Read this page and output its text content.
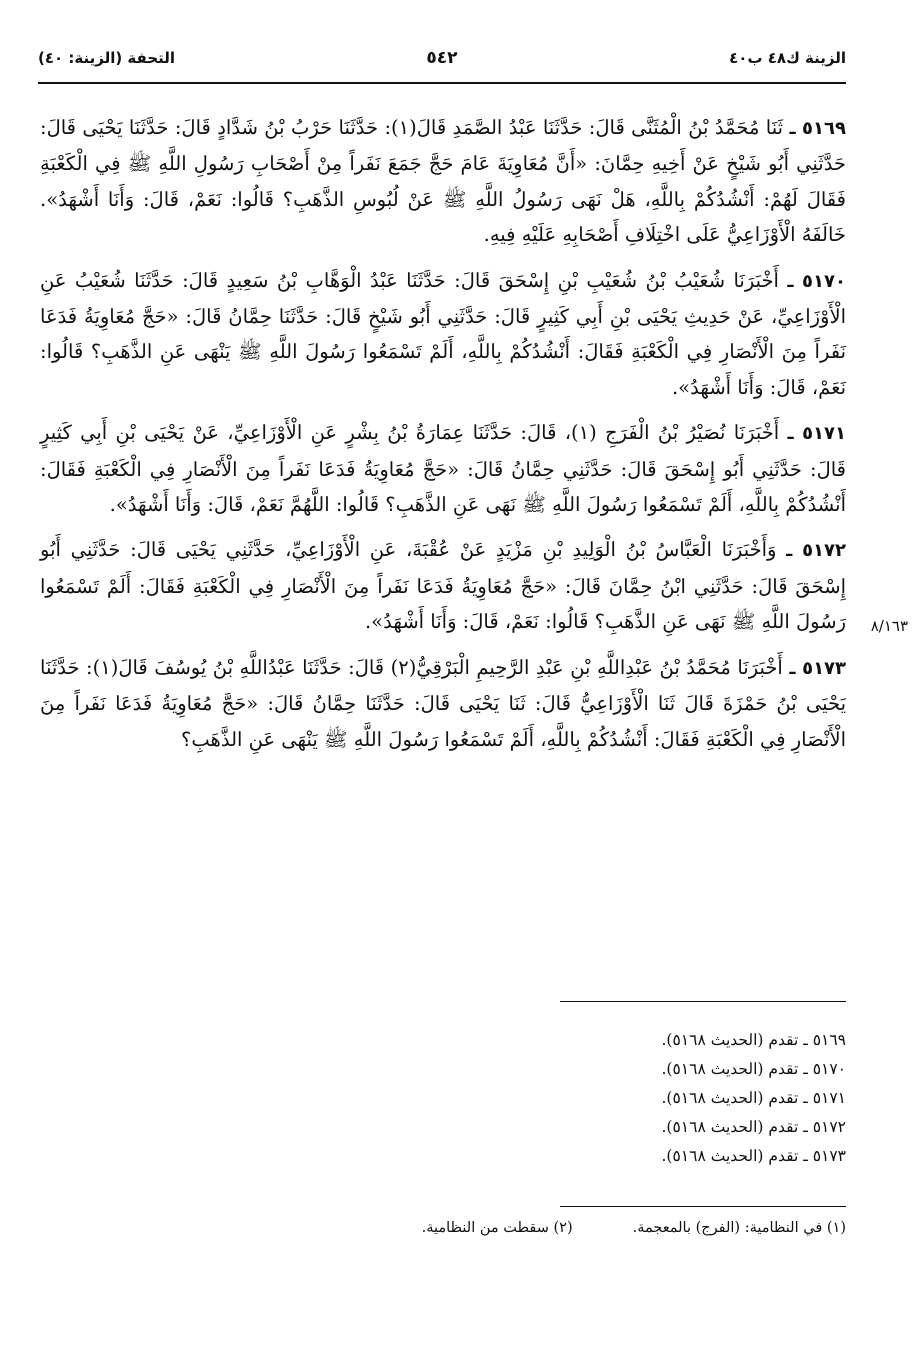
الزينة ك٤٨ ب٤٠
٥٤٢
التحفة (الزينة: ٤٠)
٨/١٦٣

٥١٦٩ ـ ثَنَا مُحَمَّدُ بْنُ الْمُثَنَّى قَالَ: حَدَّثَنَا عَبْدُ الصَّمَدِ قَالَ(١): حَدَّثَنَا حَرْبُ بْنُ شَدَّادٍ قَالَ: حَدَّثَنَا يَحْيَى قَالَ: حَدَّثَنِي أَبُو شَيْخٍ عَنْ أَخِيهِ حِمَّانَ: «أَنَّ مُعَاوِيَةَ عَامَ حَجَّ جَمَعَ نَفَراً مِنْ أَصْحَابِ رَسُولِ اللَّهِ ﷺ فِي الْكَعْبَةِ فَقَالَ لَهُمْ: أَنْشُدُكُمْ بِاللَّهِ، هَلْ نَهَى رَسُولُ اللَّهِ ﷺ عَنْ لُبُوسِ الذَّهَبِ؟ قَالُوا: نَعَمْ، قَالَ: وَأَنَا أَشْهَدُ». خَالَفَهُ الْأَوْزَاعِيُّ عَلَى اخْتِلَافِ أَصْحَابِهِ عَلَيْهِ فِيهِ.

٥١٧٠ ـ أَخْبَرَنَا شُعَيْبُ بْنُ شُعَيْبِ بْنِ إِسْحَقَ قَالَ: حَدَّثَنَا عَبْدُ الْوَهَّابِ بْنُ سَعِيدٍ قَالَ: حَدَّثَنَا شُعَيْبُ عَنِ الْأَوْزَاعِيِّ، عَنْ حَدِيثِ يَحْيَى بْنِ أَبِي كَثِيرٍ قَالَ: حَدَّثَنِي أَبُو شَيْخٍ قَالَ: حَدَّثَنَا حِمَّانُ قَالَ: «حَجَّ مُعَاوِيَةُ فَدَعَا نَفَراً مِنَ الْأَنْصَارِ فِي الْكَعْبَةِ فَقَالَ: أَنْشُدُكُمْ بِاللَّهِ، أَلَمْ تَسْمَعُوا رَسُولَ اللَّهِ ﷺ يَنْهَى عَنِ الذَّهَبِ؟ قَالُوا: نَعَمْ، قَالَ: وَأَنَا أَشْهَدُ».

٥١٧١ ـ أَخْبَرَنَا نُصَيْرُ بْنُ الْفَرَجِ (١)، قَالَ: حَدَّثَنَا عِمَارَةُ بْنُ بِشْرٍ عَنِ الْأَوْزَاعِيِّ، عَنْ يَحْيَى بْنِ أَبِي كَثِيرٍ قَالَ: حَدَّثَنِي أَبُو إِسْحَقَ قَالَ: حَدَّثَنِي حِمَّانُ قَالَ: «حَجَّ مُعَاوِيَةُ فَدَعَا نَفَراً مِنَ الْأَنْصَارِ فِي الْكَعْبَةِ فَقَالَ: أَنْشُدُكُمْ بِاللَّهِ، أَلَمْ تَسْمَعُوا رَسُولَ اللَّهِ ﷺ نَهَى عَنِ الذَّهَبِ؟ قَالُوا: اللَّهُمَّ نَعَمْ، قَالَ: وَأَنَا أَشْهَدُ».

٥١٧٢ ـ وَأَخْبَرَنَا الْعَبَّاسُ بْنُ الْوَلِيدِ بْنِ مَزْيَدٍ عَنْ عُقْبَةَ، عَنِ الْأَوْزَاعِيِّ، حَدَّثَنِي يَحْيَى قَالَ: حَدَّثَنِي أَبُو إِسْحَقَ قَالَ: حَدَّثَنِي ابْنُ حِمَّانَ قَالَ: «حَجَّ مُعَاوِيَةُ فَدَعَا نَفَراً مِنَ الْأَنْصَارِ فِي الْكَعْبَةِ فَقَالَ: أَلَمْ تَسْمَعُوا رَسُولَ اللَّهِ ﷺ نَهَى عَنِ الذَّهَبِ؟ قَالُوا: نَعَمْ، قَالَ: وَأَنَا أَشْهَدُ».

٥١٧٣ ـ أَخْبَرَنَا مُحَمَّدُ بْنُ عَبْدِاللَّهِ بْنِ عَبْدِ الرَّحِيمِ الْبَرْقِيُّ(٢) قَالَ: حَدَّثَنَا عَبْدُاللَّهِ بْنُ يُوسُفَ قَالَ(١): حَدَّثَنَا يَحْيَى بْنُ حَمْزَةَ قَالَ ثَنَا الْأَوْزَاعِيُّ قَالَ: ثَنَا يَحْيَى قَالَ: حَدَّثَنَا حِمَّانُ قَالَ: «حَجَّ مُعَاوِيَةُ فَدَعَا نَفَراً مِنَ الْأَنْصَارِ فِي الْكَعْبَةِ فَقَالَ: أَنْشُدُكُمْ بِاللَّهِ، أَلَمْ تَسْمَعُوا رَسُولَ اللَّهِ ﷺ يَنْهَى عَنِ الذَّهَبِ؟

٥١٦٩ ـ تقدم (الحديث ٥١٦٨).
٥١٧٠ ـ تقدم (الحديث ٥١٦٨).
٥١٧١ ـ تقدم (الحديث ٥١٦٨).
٥١٧٢ ـ تقدم (الحديث ٥١٦٨).
٥١٧٣ ـ تقدم (الحديث ٥١٦٨).
(١) في النظامية: (الفرج) بالمعجمة.
(٢) سقطت من النظامية.
